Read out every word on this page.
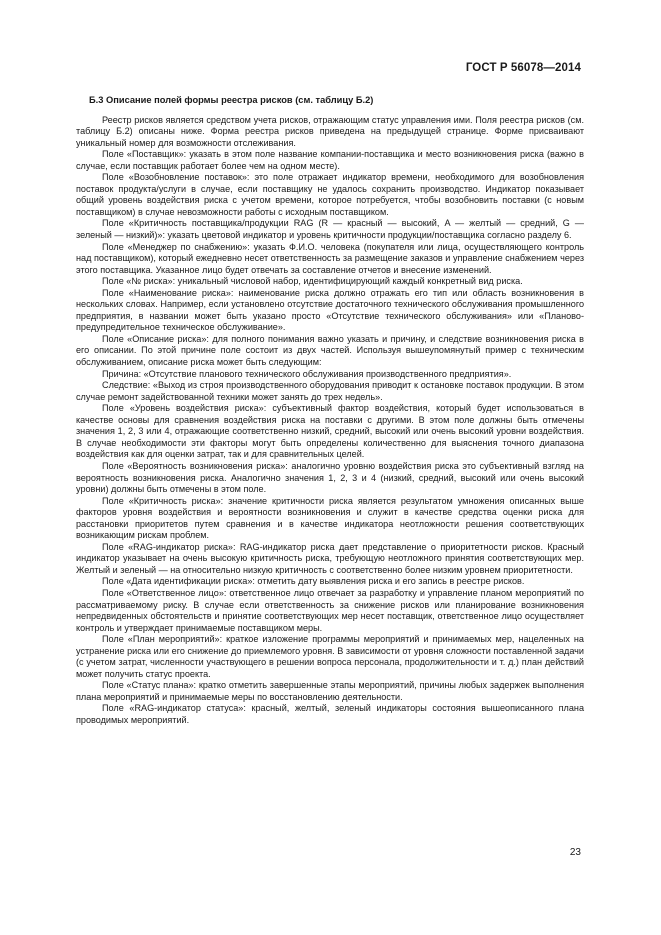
ГОСТ Р 56078—2014
Б.3 Описание полей формы реестра рисков (см. таблицу Б.2)

Реестр рисков является средством учета рисков, отражающим статус управления ими. Поля реестра рисков (см. таблицу Б.2) описаны ниже. Форма реестра рисков приведена на предыдущей странице. Форме присваивают уникальный номер для возможности отслеживания.

Поле «Поставщик»: указать в этом поле название компании-поставщика и место возникновения риска (важно в случае, если поставщик работает более чем на одном месте).

Поле «Возобновление поставок»: это поле отражает индикатор времени, необходимого для возобновления поставок продукта/услуги в случае, если поставщику не удалось сохранить производство. Индикатор показывает общий уровень воздействия риска с учетом времени, которое потребуется, чтобы возобновить поставки (с новым поставщиком) в случае невозможности работы с исходным поставщиком.

Поле «Критичность поставщика/продукции RAG (R — красный — высокий, A — желтый — средний, G — зеленый — низкий)»: указать цветовой индикатор и уровень критичности продукции/поставщика согласно разделу 6.

Поле «Менеджер по снабжению»: указать Ф.И.О. человека (покупателя или лица, осуществляющего контроль над поставщиком), который ежедневно несет ответственность за размещение заказов и управление снабжением через этого поставщика. Указанное лицо будет отвечать за составление отчетов и внесение изменений.

Поле «№ риска»: уникальный числовой набор, идентифицирующий каждый конкретный вид риска.

Поле «Наименование риска»: наименование риска должно отражать его тип или область возникновения в нескольких словах. Например, если установлено отсутствие достаточного технического обслуживания промышленного предприятия, в названии может быть указано просто «Отсутствие технического обслуживания» или «Планово-предупредительное техническое обслуживание».

Поле «Описание риска»: для полного понимания важно указать и причину, и следствие возникновения риска в его описании. По этой причине поле состоит из двух частей. Используя вышеупомянутый пример с техническим обслуживанием, описание риска может быть следующим:

Причина: «Отсутствие планового технического обслуживания производственного предприятия».

Следствие: «Выход из строя производственного оборудования приводит к остановке поставок продукции. В этом случае ремонт задействованной техники может занять до трех недель».

Поле «Уровень воздействия риска»: субъективный фактор воздействия, который будет использоваться в качестве основы для сравнения воздействия риска на поставки с другими. В этом поле должны быть отмечены значения 1, 2, 3 или 4, отражающие соответственно низкий, средний, высокий или очень высокий уровни воздействия. В случае необходимости эти факторы могут быть определены количественно для выяснения точного диапазона воздействия как для оценки затрат, так и для сравнительных целей.

Поле «Вероятность возникновения риска»: аналогично уровню воздействия риска это субъективный взгляд на вероятность возникновения риска. Аналогично значения 1, 2, 3 и 4 (низкий, средний, высокий или очень высокий уровни) должны быть отмечены в этом поле.

Поле «Критичность риска»: значение критичности риска является результатом умножения описанных выше факторов уровня воздействия и вероятности возникновения и служит в качестве средства оценки риска для расстановки приоритетов путем сравнения и в качестве индикатора неотложности решения соответствующих возникающим рискам проблем.

Поле «RAG-индикатор риска»: RAG-индикатор риска дает представление о приоритетности рисков. Красный индикатор указывает на очень высокую критичность риска, требующую неотложного принятия соответствующих мер. Желтый и зеленый — на относительно низкую критичность с соответственно более низким уровнем приоритетности.

Поле «Дата идентификации риска»: отметить дату выявления риска и его запись в реестре рисков.

Поле «Ответственное лицо»: ответственное лицо отвечает за разработку и управление планом мероприятий по рассматриваемому риску. В случае если ответственность за снижение рисков или планирование возникновения непредвиденных обстоятельств и принятие соответствующих мер несет поставщик, ответственное лицо осуществляет контроль и утверждает принимаемые поставщиком меры.

Поле «План мероприятий»: краткое изложение программы мероприятий и принимаемых мер, нацеленных на устранение риска или его снижение до приемлемого уровня. В зависимости от уровня сложности поставленной задачи (с учетом затрат, численности участвующего в решении вопроса персонала, продолжительности и т. д.) план действий может получить статус проекта.

Поле «Статус плана»: кратко отметить завершенные этапы мероприятий, причины любых задержек выполнения плана мероприятий и принимаемые меры по восстановлению деятельности.

Поле «RAG-индикатор статуса»: красный, желтый, зеленый индикаторы состояния вышеописанного плана проводимых мероприятий.

23
